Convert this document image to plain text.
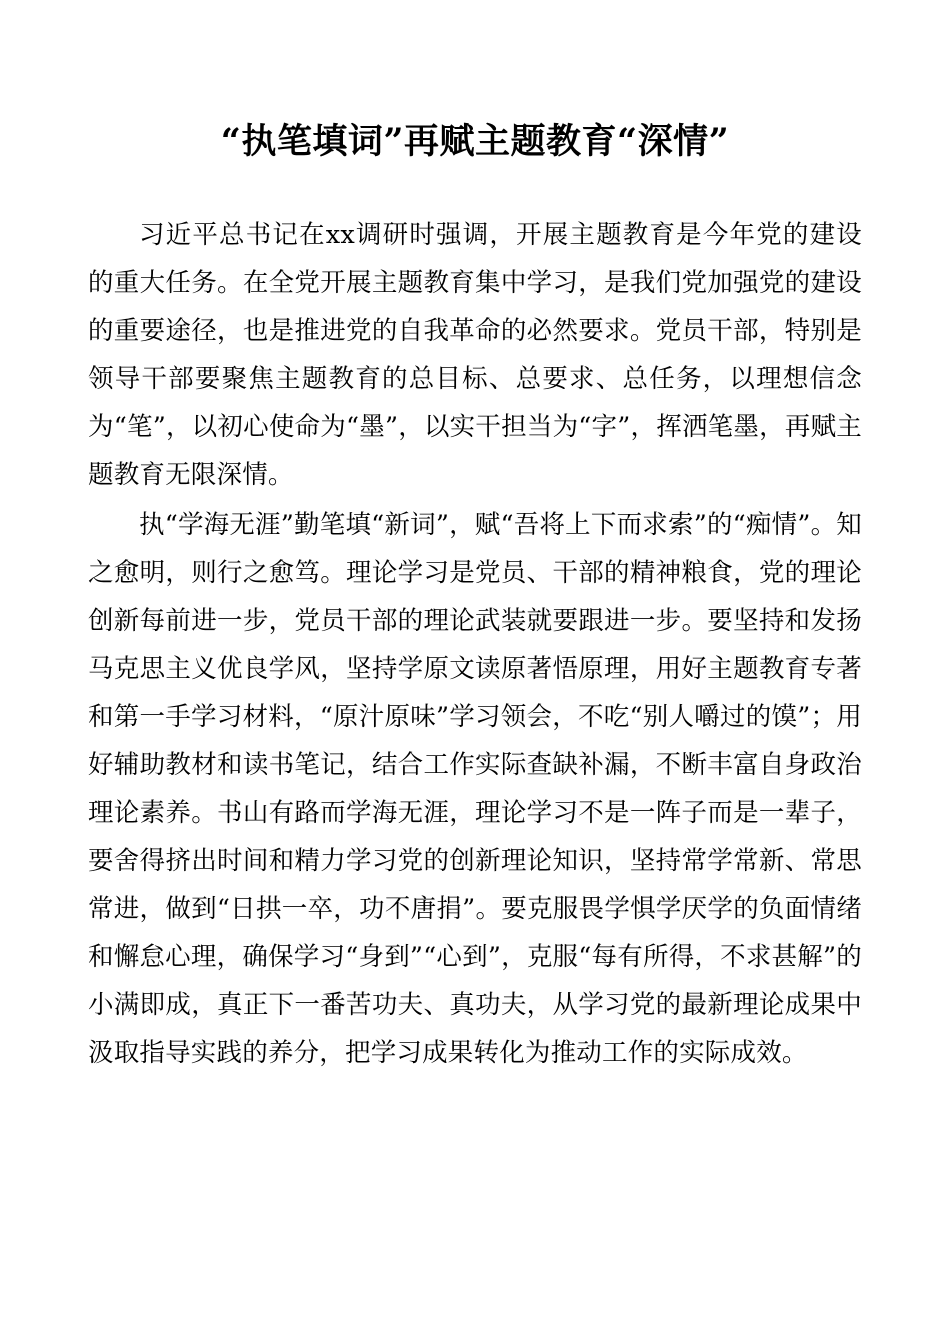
“执笔填词”再赋主题教育“深情”

习近平总书记在xx调研时强调，开展主题教育是今年党的建设的重大任务。在全党开展主题教育集中学习，是我们党加强党的建设的重要途径，也是推进党的自我革命的必然要求。党员干部，特别是领导干部要聚焦主题教育的总目标、总要求、总任务，以理想信念为“笔”，以初心使命为“墨”，以实干担当为“字”，挥洒笔墨，再赋主题教育无限深情。

执“学海无涯”勤笔填“新词”，赋“吾将上下而求索”的“痴情”。知之愈明，则行之愈笃。理论学习是党员、干部的精神粮食，党的理论创新每前进一步，党员干部的理论武装就要跟进一步。要坚持和发扬马克思主义优良学风，坚持学原文读原著悟原理，用好主题教育专著和第一手学习材料，“原汁原味”学习领会，不吃“别人嚼过的馍”；用好辅助教材和读书笔记，结合工作实际查缺补漏，不断丰富自身政治理论素养。书山有路而学海无涯，理论学习不是一阵子而是一辈子，要舍得挤出时间和精力学习党的创新理论知识，坚持常学常新、常思常进，做到“日拱一卒，功不唐捐”。要克服畏学惧学厌学的负面情绪和懈怠心理，确保学习“身到”“心到”，克服“每有所得，不求甚解”的小满即成，真正下一番苦功夫、真功夫，从学习党的最新理论成果中汲取指导实践的养分，把学习成果转化为推动工作的实际成效。
